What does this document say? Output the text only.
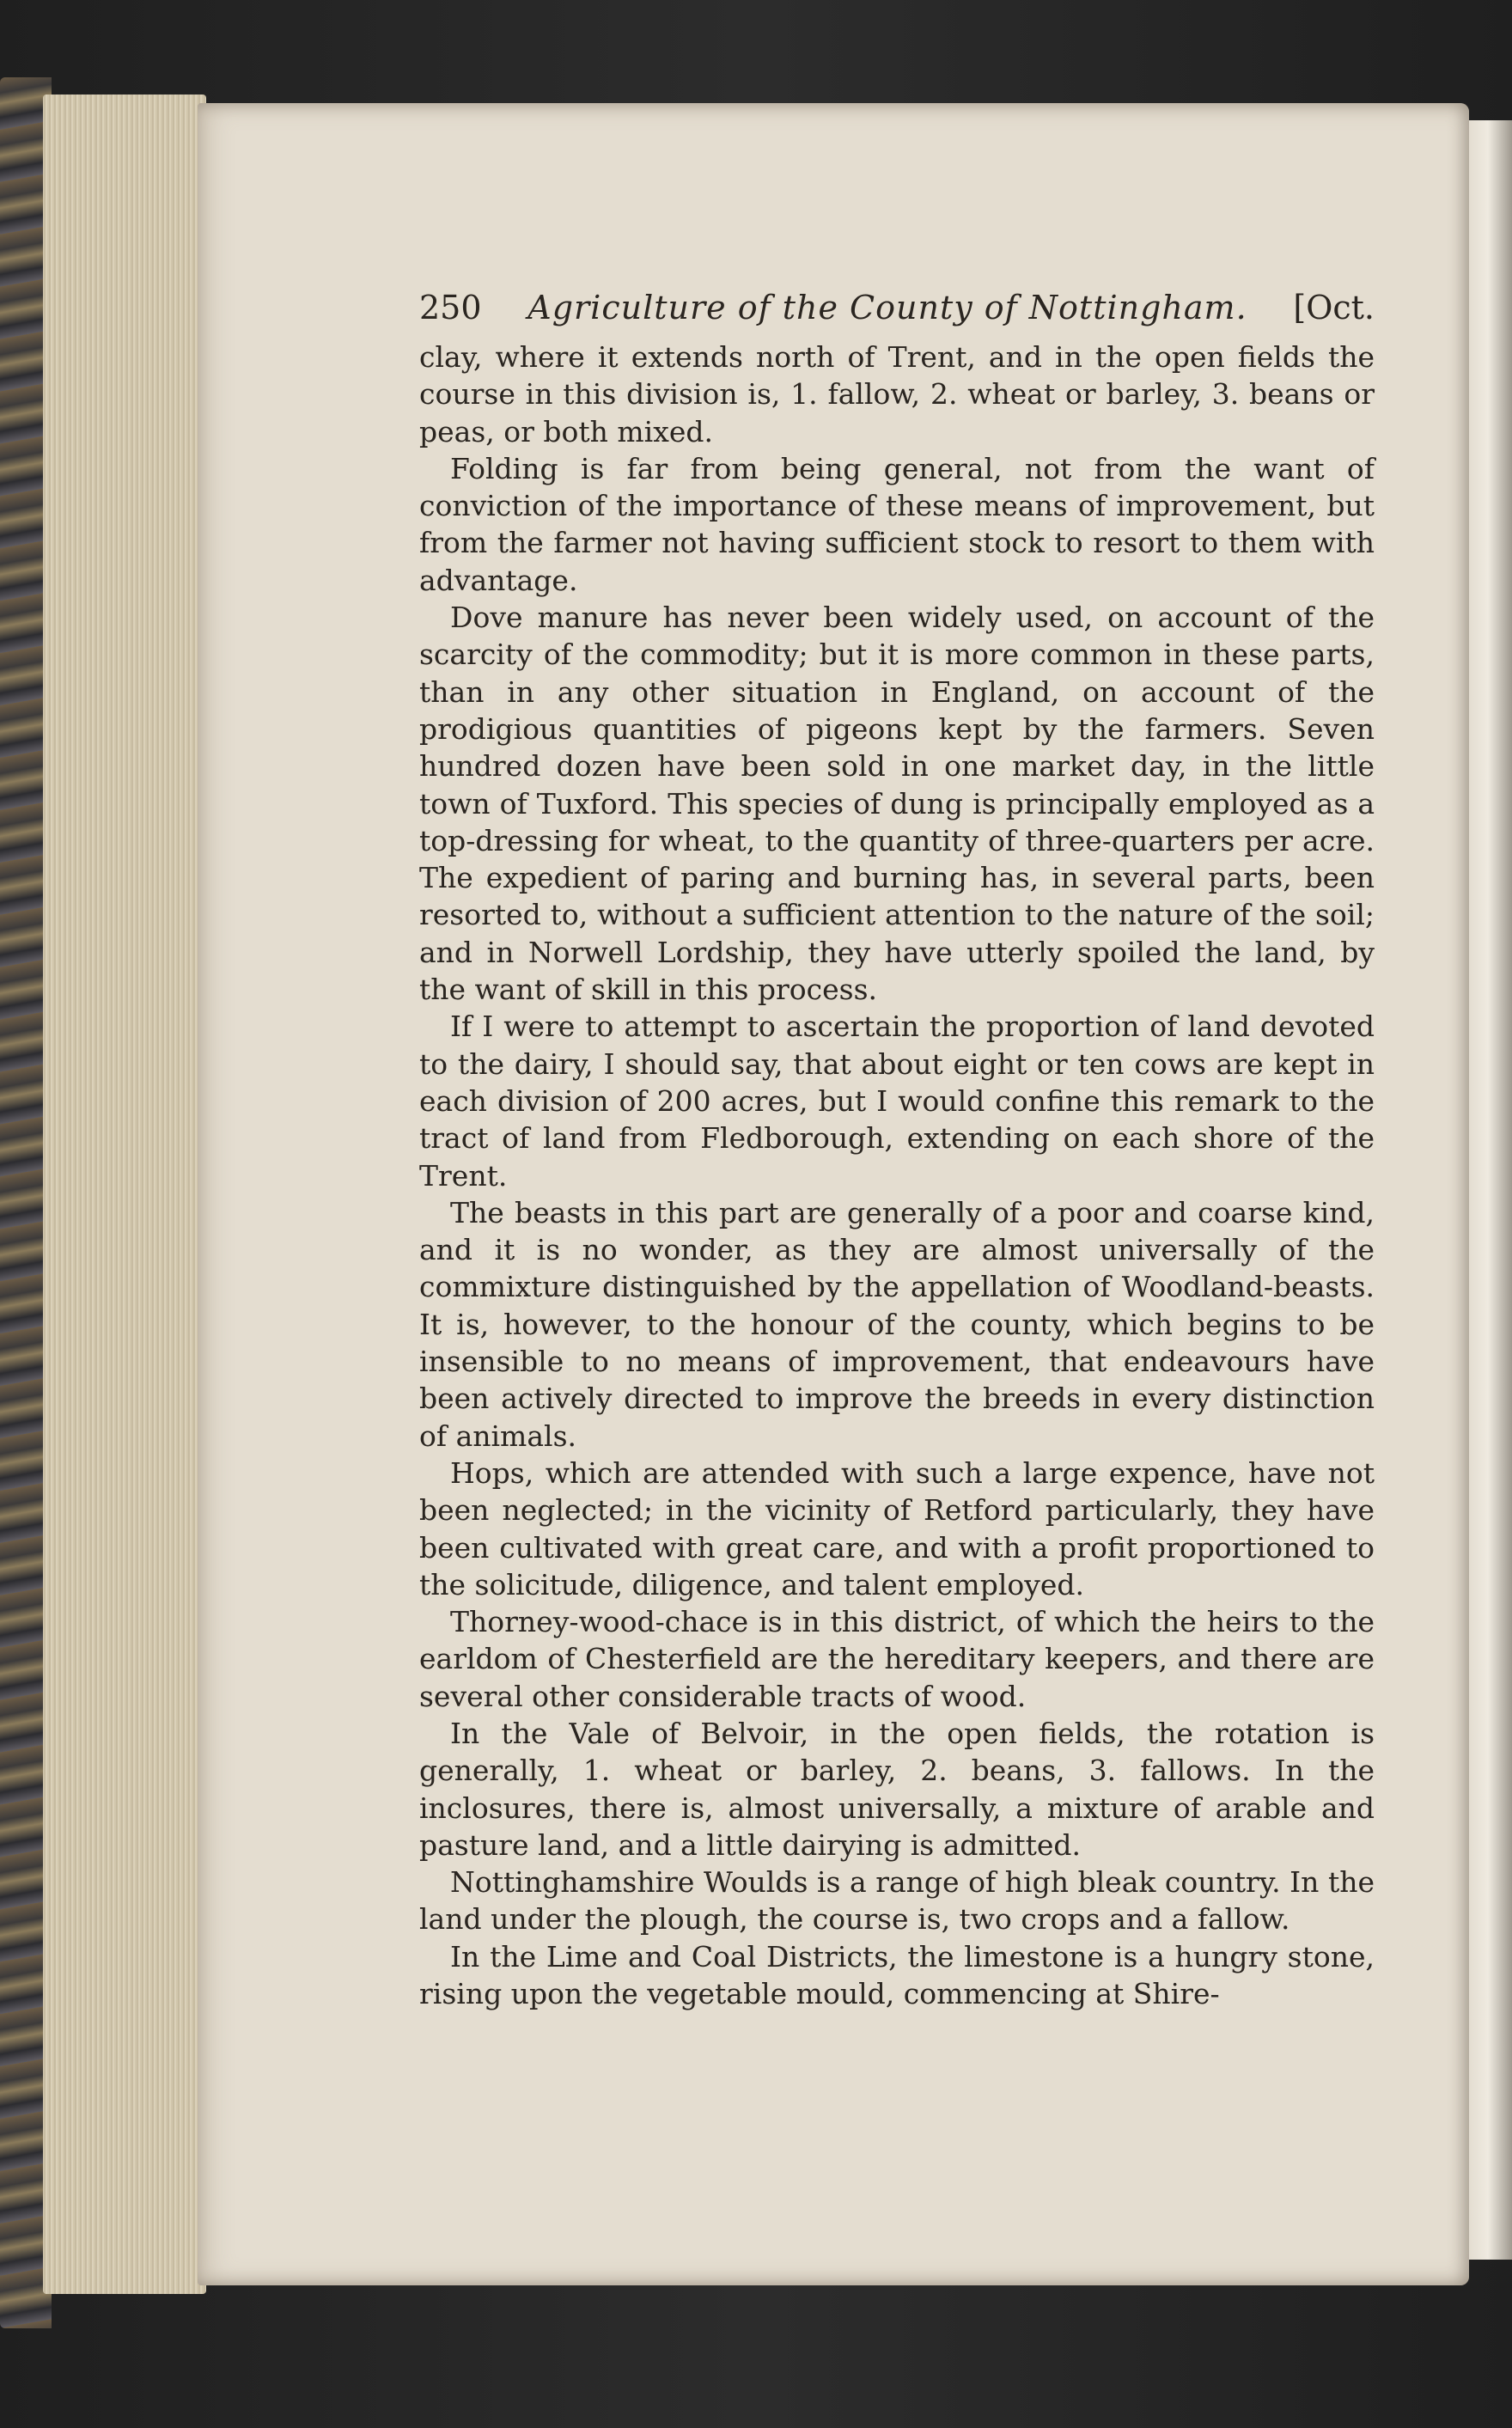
250 Agriculture of the County of Nottingham. [Oct.

clay, where it extends north of Trent, and in the open fields the course in this division is, 1. fallow, 2. wheat or barley, 3. beans or peas, or both mixed.

Folding is far from being general, not from the want of conviction of the importance of these means of improvement, but from the farmer not having sufficient stock to resort to them with advantage.

Dove manure has never been widely used, on account of the scarcity of the commodity; but it is more common in these parts, than in any other situation in England, on account of the prodigious quantities of pigeons kept by the farmers. Seven hundred dozen have been sold in one market day, in the little town of Tuxford. This species of dung is principally employed as a top-dressing for wheat, to the quantity of three-quarters per acre. The expedient of paring and burning has, in several parts, been resorted to, without a sufficient attention to the nature of the soil; and in Norwell Lordship, they have utterly spoiled the land, by the want of skill in this process.

If I were to attempt to ascertain the proportion of land devoted to the dairy, I should say, that about eight or ten cows are kept in each division of 200 acres, but I would confine this remark to the tract of land from Fledborough, extending on each shore of the Trent.

The beasts in this part are generally of a poor and coarse kind, and it is no wonder, as they are almost universally of the commixture distinguished by the appellation of Woodland-beasts. It is, however, to the honour of the county, which begins to be insensible to no means of improvement, that endeavours have been actively directed to improve the breeds in every distinction of animals.

Hops, which are attended with such a large expence, have not been neglected; in the vicinity of Retford particularly, they have been cultivated with great care, and with a profit proportioned to the solicitude, diligence, and talent employed.

Thorney-wood-chace is in this district, of which the heirs to the earldom of Chesterfield are the hereditary keepers, and there are several other considerable tracts of wood.

In the Vale of Belvoir, in the open fields, the rotation is generally, 1. wheat or barley, 2. beans, 3. fallows. In the inclosures, there is, almost universally, a mixture of arable and pasture land, and a little dairying is admitted.

Nottinghamshire Woulds is a range of high bleak country. In the land under the plough, the course is, two crops and a fallow.

In the Lime and Coal Districts, the limestone is a hungry stone, rising upon the vegetable mould, commencing at Shire-
